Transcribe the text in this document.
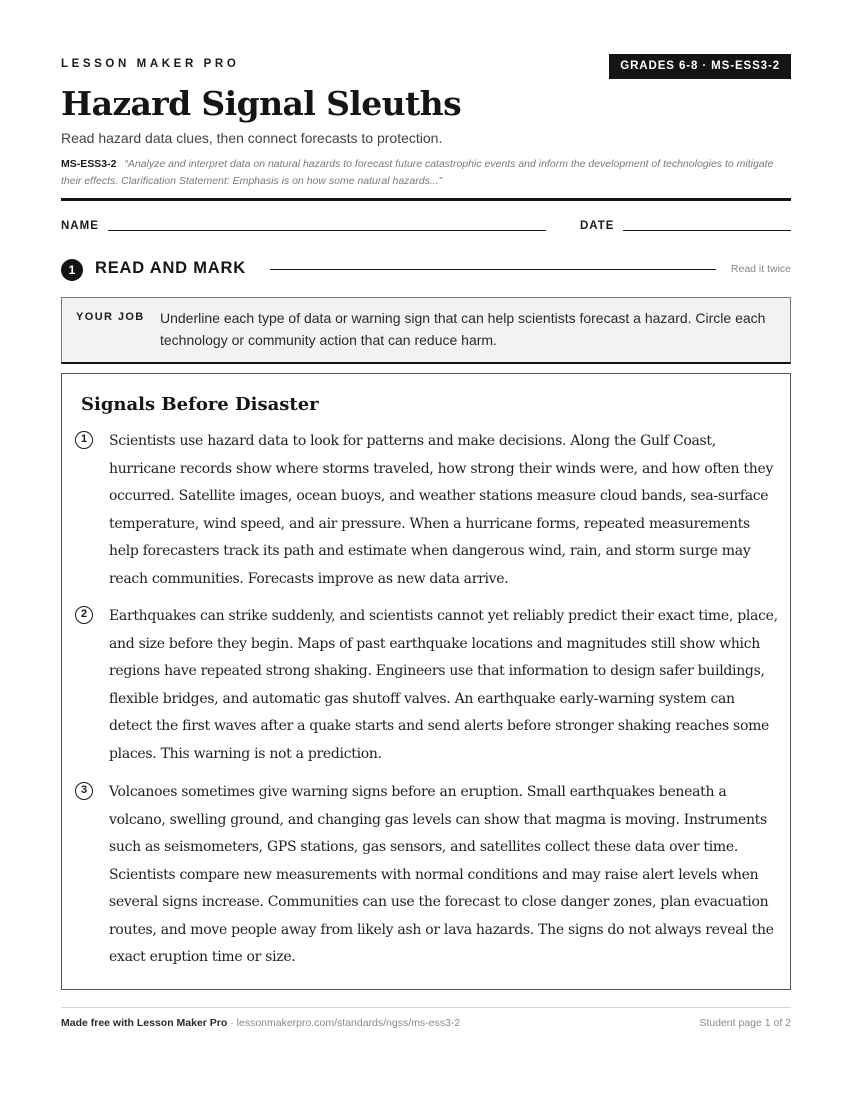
LESSON MAKER PRO	GRADES 6-8 · MS-ESS3-2
Hazard Signal Sleuths
Read hazard data clues, then connect forecasts to protection.
MS-ESS3-2 “Analyze and interpret data on natural hazards to forecast future catastrophic events and inform the development of technologies to mitigate their effects. Clarification Statement: Emphasis is on how some natural hazards...”
NAME	DATE
1	READ AND MARK	Read it twice
YOUR JOB Underline each type of data or warning sign that can help scientists forecast a hazard. Circle each technology or community action that can reduce harm.
Signals Before Disaster
1	Scientists use hazard data to look for patterns and make decisions. Along the Gulf Coast, hurricane records show where storms traveled, how strong their winds were, and how often they occurred. Satellite images, ocean buoys, and weather stations measure cloud bands, sea-surface temperature, wind speed, and air pressure. When a hurricane forms, repeated measurements help forecasters track its path and estimate when dangerous wind, rain, and storm surge may reach communities. Forecasts improve as new data arrive.

2	Earthquakes can strike suddenly, and scientists cannot yet reliably predict their exact time, place, and size before they begin. Maps of past earthquake locations and magnitudes still show which regions have repeated strong shaking. Engineers use that information to design safer buildings, flexible bridges, and automatic gas shutoff valves. An earthquake early-warning system can detect the first waves after a quake starts and send alerts before stronger shaking reaches some places. This warning is not a prediction.

3	Volcanoes sometimes give warning signs before an eruption. Small earthquakes beneath a volcano, swelling ground, and changing gas levels can show that magma is moving. Instruments such as seismometers, GPS stations, gas sensors, and satellites collect these data over time. Scientists compare new measurements with normal conditions and may raise alert levels when several signs increase. Communities can use the forecast to close danger zones, plan evacuation routes, and move people away from likely ash or lava hazards. The signs do not always reveal the exact eruption time or size.

Made free with Lesson Maker Pro · lessonmakerpro.com/standards/ngss/ms-ess3-2	Student page 1 of 2
